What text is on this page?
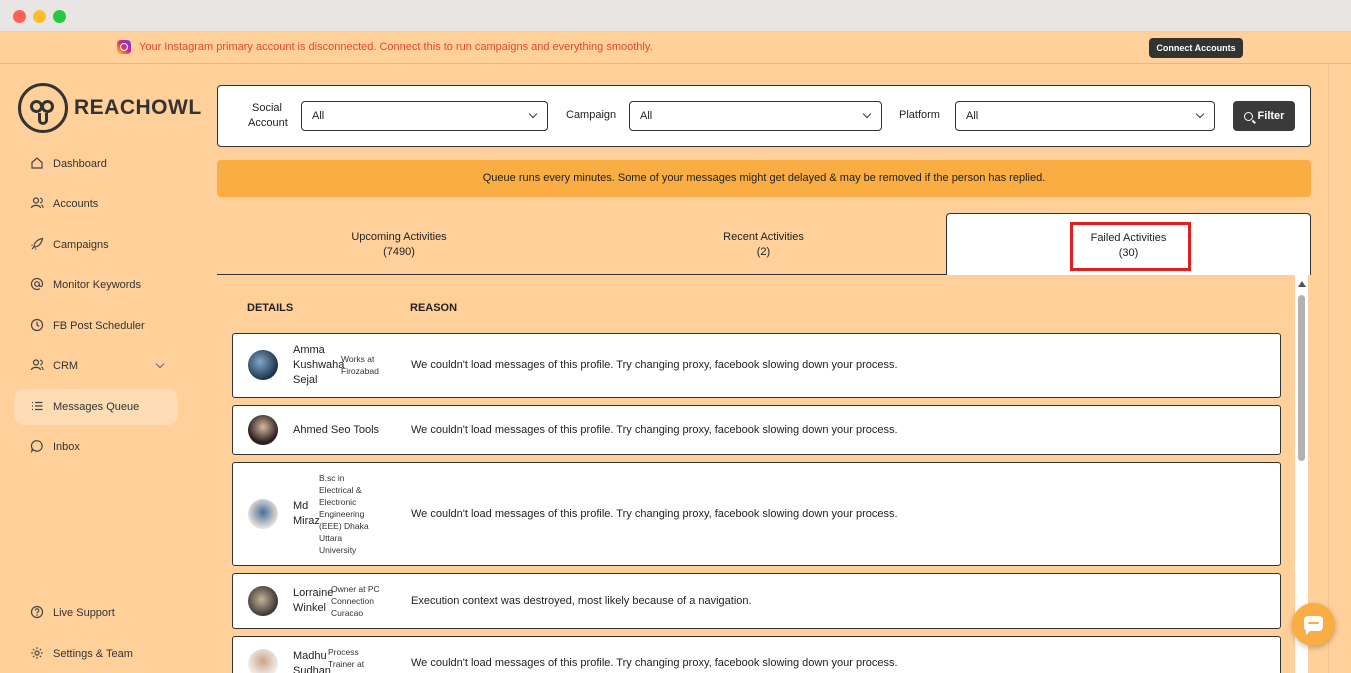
Your Instagram primary account is disconnected. Connect this to run campaigns and everything smoothly.	Connect Accounts
REACHOWL
Dashboard
Accounts
Campaigns
Monitor Keywords
FB Post Scheduler
CRM
Messages Queue
Inbox
Live Support
Settings & Team
Social
Account
All	Campaign	All	Platform	All	Filter
Queue runs every minutes. Some of your messages might get delayed & may be removed if the person has replied.
Upcoming Activities
(7490)
Recent Activities
(2)
Failed Activities
(30)
DETAILS	REASON
Amma
Kushwaha
Sejal
Works at
Firozabad	We couldn't load messages of this profile. Try changing proxy, facebook slowing down your process.
Ahmed Seo Tools	We couldn't load messages of this profile. Try changing proxy, facebook slowing down your process.
Md
Miraz
B.sc in
Electrical &
Electronic
Engineering
(EEE) Dhaka
Uttara
University
We couldn't load messages of this profile. Try changing proxy, facebook slowing down your process.
Lorraine
Winkel
Owner at PC
Connection
Curacao
Execution context was destroyed, most likely because of a navigation.
Madhu
Sudhan
Process
Trainer at	We couldn't load messages of this profile. Try changing proxy, facebook slowing down your process.
